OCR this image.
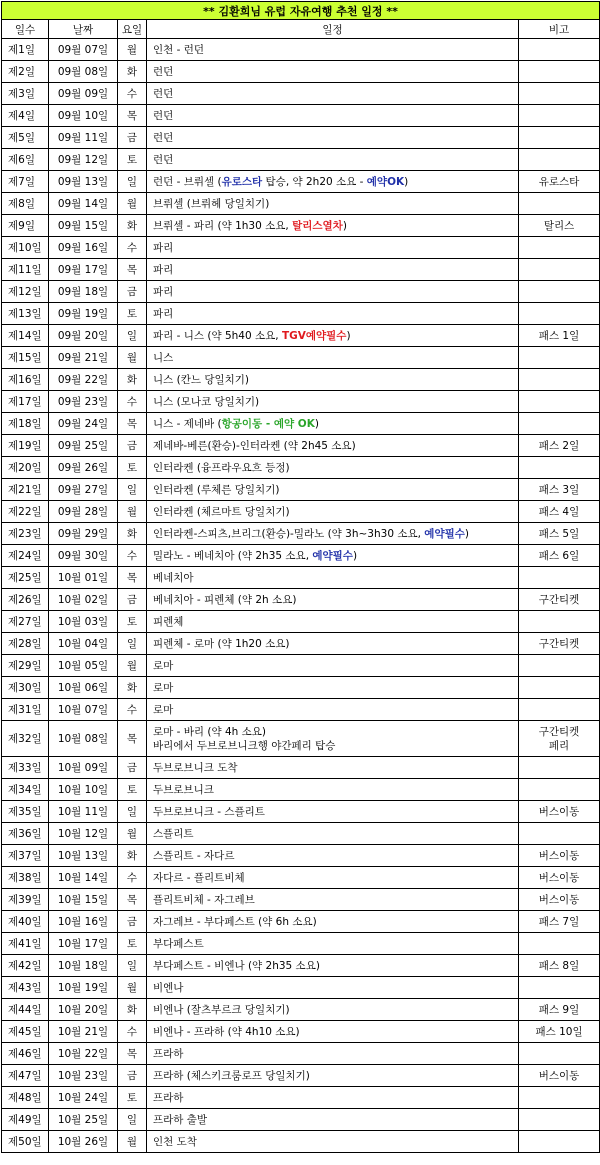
** 김환희님 유럽 자유여행 추천 일정 **				
일수	날짜	요일	일정	비고
제1일	09월 07일	월	인천 - 런던	
제2일	09월 08일	화	런던	
제3일	09월 09일	수	런던	
제4일	09월 10일	목	런던	
제5일	09월 11일	금	런던	
제6일	09월 12일	토	런던	
제7일	09월 13일	일	런던 - 브뤼셀 (유로스타 탑승, 약 2h20 소요 - 예약OK)	유로스타
제8일	09월 14일	월	브뤼셀 (브뤼헤 당일치기)	
제9일	09월 15일	화	브뤼셀 - 파리 (약 1h30 소요, 탈리스열차)	탈리스
제10일	09월 16일	수	파리	
제11일	09월 17일	목	파리	
제12일	09월 18일	금	파리	
제13일	09월 19일	토	파리	
제14일	09월 20일	일	파리 - 니스 (약 5h40 소요, TGV예약필수)	패스 1일
제15일	09월 21일	월	니스	
제16일	09월 22일	화	니스 (칸느 당일치기)	
제17일	09월 23일	수	니스 (모나코 당일치기)	
제18일	09월 24일	목	니스 - 제네바 (항공이동 - 예약 OK)	
제19일	09월 25일	금	제네바-베른(환승)-인터라켄 (약 2h45 소요)	패스 2일
제20일	09월 26일	토	인터라켄 (융프라우요흐 등정)	
제21일	09월 27일	일	인터라켄 (루체른 당일치기)	패스 3일
제22일	09월 28일	월	인터라켄 (체르마트 당일치기)	패스 4일
제23일	09월 29일	화	인터라켄-스피츠,브리그(환승)-밀라노 (약 3h~3h30 소요, 예약필수)	패스 5일
제24일	09월 30일	수	밀라노 - 베네치아 (약 2h35 소요, 예약필수)	패스 6일
제25일	10월 01일	목	베네치아	
제26일	10월 02일	금	베네치아 - 피렌체 (약 2h 소요)	구간티켓
제27일	10월 03일	토	피렌체	
제28일	10월 04일	일	피렌체 - 로마 (약 1h20 소요)	구간티켓
제29일	10월 05일	월	로마	
제30일	10월 06일	화	로마	
제31일	10월 07일	수	로마	
제32일	10월 08일	목	로마 - 바리 (약 4h 소요)
바리에서 두브로브니크행 야간페리 탑승	구간티켓
페리
제33일	10월 09일	금	두브로브니크 도착	
제34일	10월 10일	토	두브로브니크	
제35일	10월 11일	일	두브로브니크 - 스플리트	버스이동
제36일	10월 12일	월	스플리트	
제37일	10월 13일	화	스플리트 - 자다르	버스이동
제38일	10월 14일	수	자다르 - 플리트비체	버스이동
제39일	10월 15일	목	플리트비체 - 자그레브	버스이동
제40일	10월 16일	금	자그레브 - 부다페스트 (약 6h 소요)	패스 7일
제41일	10월 17일	토	부다페스트	
제42일	10월 18일	일	부다페스트 - 비엔나 (약 2h35 소요)	패스 8일
제43일	10월 19일	월	비엔나	
제44일	10월 20일	화	비엔나 (잘츠부르크 당일치기)	패스 9일
제45일	10월 21일	수	비엔나 - 프라하 (약 4h10 소요)	패스 10일
제46일	10월 22일	목	프라하	
제47일	10월 23일	금	프라하 (체스키크룸로프 당일치기)	버스이동
제48일	10월 24일	토	프라하	
제49일	10월 25일	일	프라하 출발	
제50일	10월 26일	월	인천 도착	
